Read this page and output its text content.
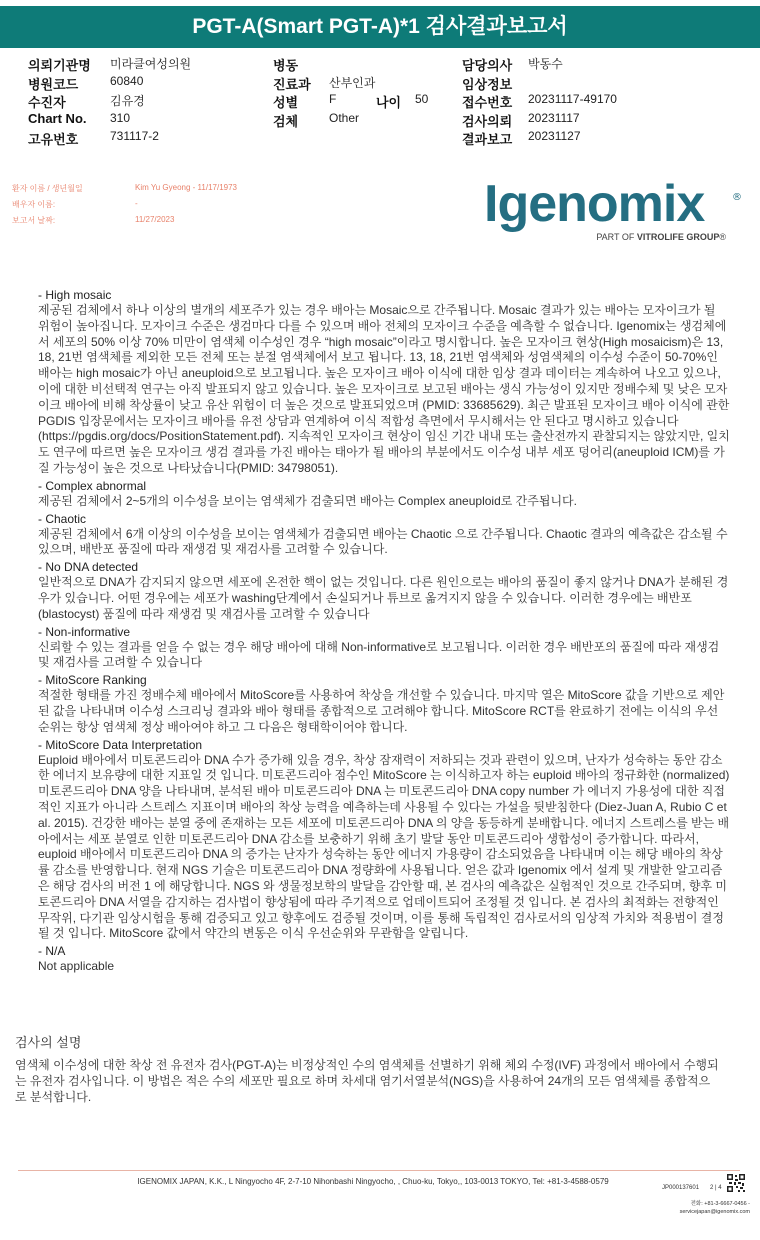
PGT-A(Smart PGT-A)*1 검사결과보고서
의뢰기관명 미라클여성의원	병동	담당의사 박동수
병원코드	60840	진료과 산부인과	임상정보
수진자	김유경	성별	F	나이 50	접수번호 20231117-49170
Chart No. 310	검체	Other	검사의뢰 20231117
고유번호	731117-2	결과보고 20231127
환자 이름 / 생년월일	Kim Yu Gyeong - 11/17/1973
배우자 이름:	-
보고서 날짜:	11/27/2023	Igenomix	®
PART OF VITROLIFE GROUP®
- High mosaic
제공된 검체에서 하나 이상의 별개의 세포주가 있는 경우 배아는 Mosaic으로 간주됩니다. Mosaic 결과가 있는 배아는 모자이크가 될 위험이 높아집니다. 모자이크 수준은 생검마다 다를 수 있으며 배아 전체의 모자이크 수준을 예측할 수 없습니다. Igenomix는 생검체에서 세포의 50% 이상 70% 미만이 염색체 이수성인 경우 “high mosaic”이라고 명시합니다. 높은 모자이크 현상(High mosaicism)은 13, 18, 21번 염색체를 제외한 모든 전체 또는 분절 염색체에서 보고 됩니다. 13, 18, 21번 염색체와 성염색체의 이수성 수준이 50-70%인 배아는 high mosaic가 아닌 aneuploid으로 보고됩니다. 높은 모자이크 배아 이식에 대한 임상 결과 데이터는 계속하여 나오고 있으나, 이에 대한 비선택적 연구는 아직 발표되지 않고 있습니다. 높은 모자이크로 보고된 배아는 생식 가능성이 있지만 정배수체 및 낮은 모자이크 배아에 비해 착상률이 낮고 유산 위험이 더 높은 것으로 발표되었으며 (PMID: 33685629). 최근 발표된 모자이크 배아 이식에 관한 PGDIS 입장문에서는 모자이크 배아를 유전 상담과 연계하여 이식 적합성 측면에서 무시해서는 안 된다고 명시하고 있습니다 (https://pgdis.org/docs/PositionStatement.pdf). 지속적인 모자이크 현상이 임신 기간 내내 또는 출산전까지 관찰되지는 않았지만, 일치도 연구에 따르면 높은 모자이크 생검 결과를 가진 배아는 태아가 될 배아의 부분에서도 이수성 내부 세포 덩어리(aneuploid ICM)를 가질 가능성이 높은 것으로 나타났습니다(PMID: 34798051).
- Complex abnormal
제공된 검체에서 2~5개의 이수성을 보이는 염색체가 검출되면 배아는 Complex aneuploid로 간주됩니다.
- Chaotic
제공된 검체에서 6개 이상의 이수성을 보이는 염색체가 검출되면 배아는 Chaotic 으로 간주됩니다. Chaotic 결과의 예측값은 감소될 수 있으며, 배반포 품질에 따라 재생검 및 재검사를 고려할 수 있습니다.
- No DNA detected
일반적으로 DNA가 감지되지 않으면 세포에 온전한 핵이 없는 것입니다. 다른 원인으로는 배아의 품질이 좋지 않거나 DNA가 분해된 경우가 있습니다. 어떤 경우에는 세포가 washing단계에서 손실되거나 튜브로 옮겨지지 않을 수 있습니다. 이러한 경우에는 배반포 (blastocyst) 품질에 따라 재생검 및 재검사를 고려할 수 있습니다
- Non-informative
신뢰할 수 있는 결과를 얻을 수 없는 경우 해당 배아에 대해 Non-informative로 보고됩니다. 이러한 경우 배반포의 품질에 따라 재생검 및 재검사를 고려할 수 있습니다
- MitoScore Ranking
적절한 형태를 가진 정배수체 배아에서 MitoScore를 사용하여 착상을 개선할 수 있습니다. 마지막 열은 MitoScore 값을 기반으로 제안된 값을 나타내며 이수성 스크리닝 결과와 배아 형태를 종합적으로 고려해야 합니다. MitoScore RCT를 완료하기 전에는 이식의 우선 순위는 항상 염색체 정상 배아여야 하고 그 다음은 형태학이어야 합니다.
- MitoScore Data Interpretation
Euploid 배아에서 미토콘드리아 DNA 수가 증가해 있을 경우, 착상 잠재력이 저하되는 것과 관련이 있으며, 난자가 성숙하는 동안 감소한 에너지 보유량에 대한 지표일 것 입니다. 미토콘드리아 점수인 MitoScore 는 이식하고자 하는 euploid 배아의 정규화한 (normalized) 미토콘드리아 DNA 양을 나타내며, 분석된 배아 미토콘드리아 DNA 는 미토콘드리아 DNA copy number 가 에너지 가용성에 대한 직접적인 지표가 아니라 스트레스 지표이며 배아의 착상 능력을 예측하는데 사용될 수 있다는 가설을 뒷받침한다 (Diez-Juan A, Rubio C et al. 2015). 건강한 배아는 분열 중에 존재하는 모든 세포에 미토콘드리아 DNA 의 양을 동등하게 분배합니다. 에너지 스트레스를 받는 배아에서는 세포 분열로 인한 미토콘드리아 DNA 감소를 보충하기 위해 초기 발달 동안 미토콘드리아 생합성이 증가합니다. 따라서, euploid 배아에서 미토콘드리아 DNA 의 증가는 난자가 성숙하는 동안 에너지 가용량이 감소되었음을 나타내며 이는 해당 배아의 착상률 감소를 반영합니다. 현재 NGS 기술은 미토콘드리아 DNA 정량화에 사용됩니다. 얻은 값과 Igenomix 에서 설계 및 개발한 알고리즘은 해당 검사의 버전 1 에 해당합니다. NGS 와 생물정보학의 발달을 감안할 때, 본 검사의 예측값은 실험적인 것으로 간주되며, 향후 미토콘드리아 DNA 서열을 감지하는 검사법이 향상됨에 따라 주기적으로 업데이트되어 조정될 것 입니다. 본 검사의 최적화는 전향적인 무작위, 다기관 임상시험을 통해 검증되고 있고 향후에도 검증될 것이며, 이를 통해 독립적인 검사로서의 임상적 가치와 적용범이 결정될 것 입니다. MitoScore 값에서 약간의 변동은 이식 우선순위와 무관함을 알립니다.
- N/A
Not applicable
검사의 설명
염색체 이수성에 대한 착상 전 유전자 검사(PGT-A)는 비정상적인 수의 염색체를 선별하기 위해 체외 수정(IVF) 과정에서 배아에서 수행되는 유전자 검사입니다. 이 방법은 적은 수의 세포만 필요로 하며 차세대 염기서열분석(NGS)을 사용하여 24개의 모든 염색체를 종합적으로 분석합니다.
IGENOMIX JAPAN, K.K., L Ningyocho 4F, 2-7-10 Nihonbashi Ningyocho, , Chuo-ku, Tokyo,, 103-0013 TOKYO, Tel: +81-3-4588-0579
JP000137601 2 | 4
전화: +81-3-6667-0456 -
servicejapan@igenomix.com
